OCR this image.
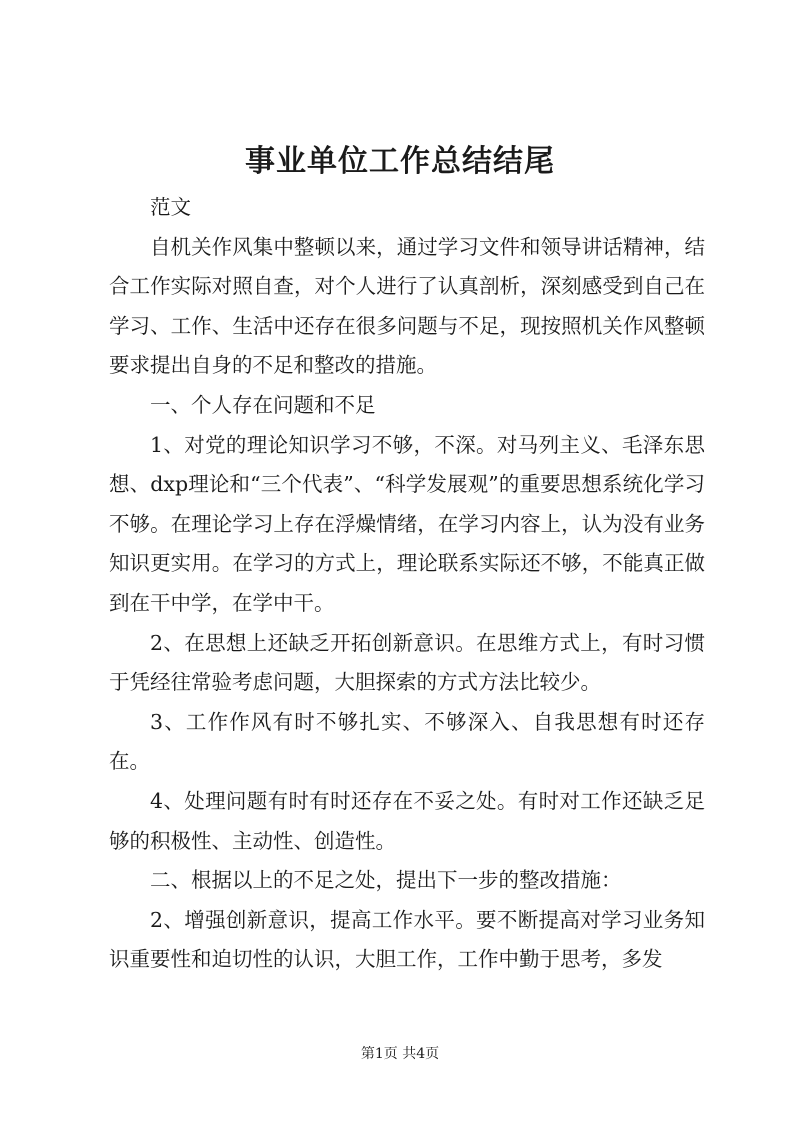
事业单位工作总结结尾

范文

自机关作风集中整顿以来，通过学习文件和领导讲话精神，结合工作实际对照自查，对个人进行了认真剖析，深刻感受到自己在学习、工作、生活中还存在很多问题与不足，现按照机关作风整顿要求提出自身的不足和整改的措施。

一、个人存在问题和不足

1、对党的理论知识学习不够，不深。对马列主义、毛泽东思想、dxp理论和“三个代表”、“科学发展观”的重要思想系统化学习不够。在理论学习上存在浮燥情绪，在学习内容上，认为没有业务知识更实用。在学习的方式上，理论联系实际还不够，不能真正做到在干中学，在学中干。

2、在思想上还缺乏开拓创新意识。在思维方式上，有时习惯于凭经往常验考虑问题，大胆探索的方式方法比较少。

3、工作作风有时不够扎实、不够深入、自我思想有时还存在。

4、处理问题有时有时还存在不妥之处。有时对工作还缺乏足够的积极性、主动性、创造性。

二、根据以上的不足之处，提出下一步的整改措施：

2、增强创新意识，提高工作水平。要不断提高对学习业务知识重要性和迫切性的认识，大胆工作，工作中勤于思考，多发

第1页 共4页
